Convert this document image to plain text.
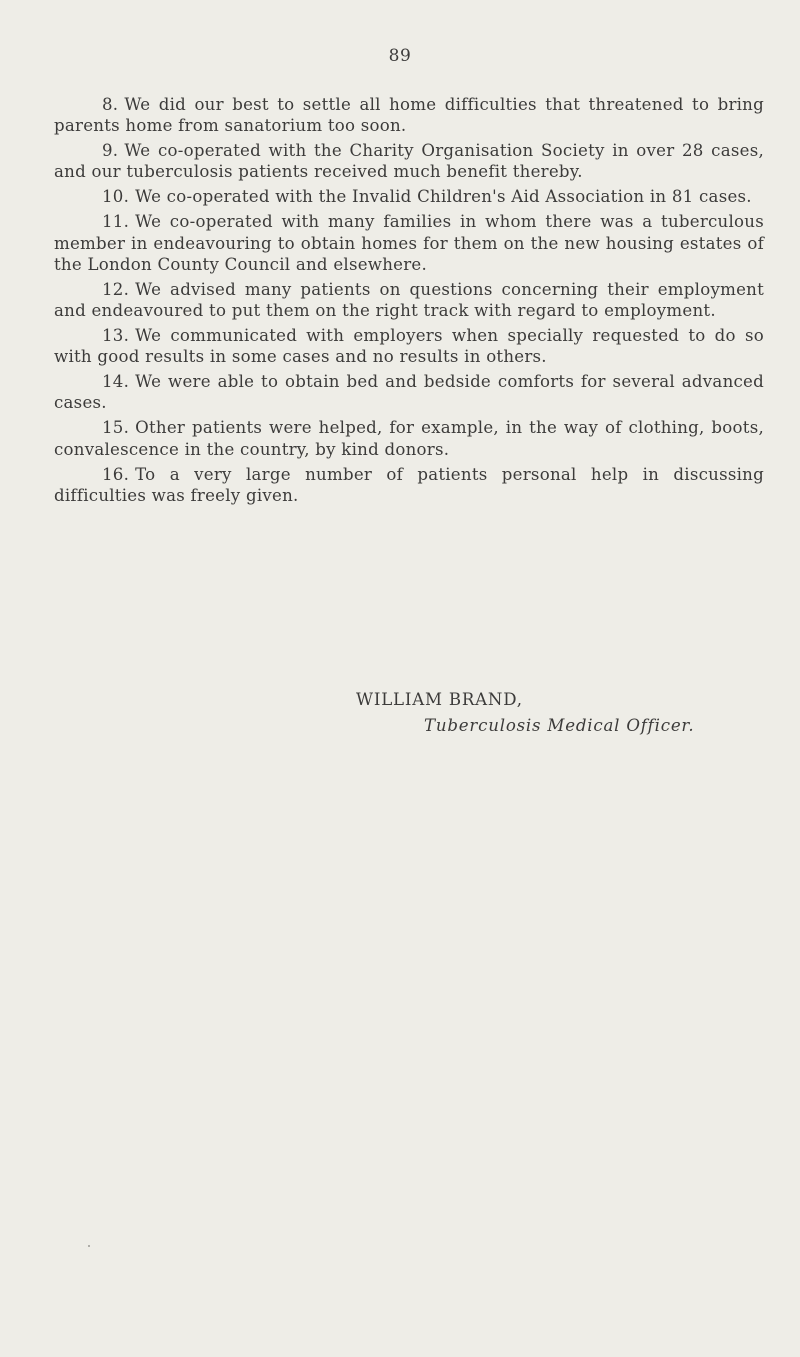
89

8. We did our best to settle all home difficulties that threatened to bring parents home from sanatorium too soon.

9. We co-operated with the Charity Organisation Society in over 28 cases, and our tuberculosis patients received much benefit thereby.

10. We co-operated with the Invalid Children's Aid Association in 81 cases.

11. We co-operated with many families in whom there was a tuberculous member in endeavouring to obtain homes for them on the new housing estates of the London County Council and elsewhere.

12. We advised many patients on questions concerning their employment and endeavoured to put them on the right track with regard to employment.

13. We communicated with employers when specially requested to do so with good results in some cases and no results in others.

14. We were able to obtain bed and bedside comforts for several advanced cases.

15. Other patients were helped, for example, in the way of clothing, boots, convalescence in the country, by kind donors.

16. To a very large number of patients personal help in discussing difficulties was freely given.

WILLIAM BRAND,
Tuberculosis Medical Officer.
